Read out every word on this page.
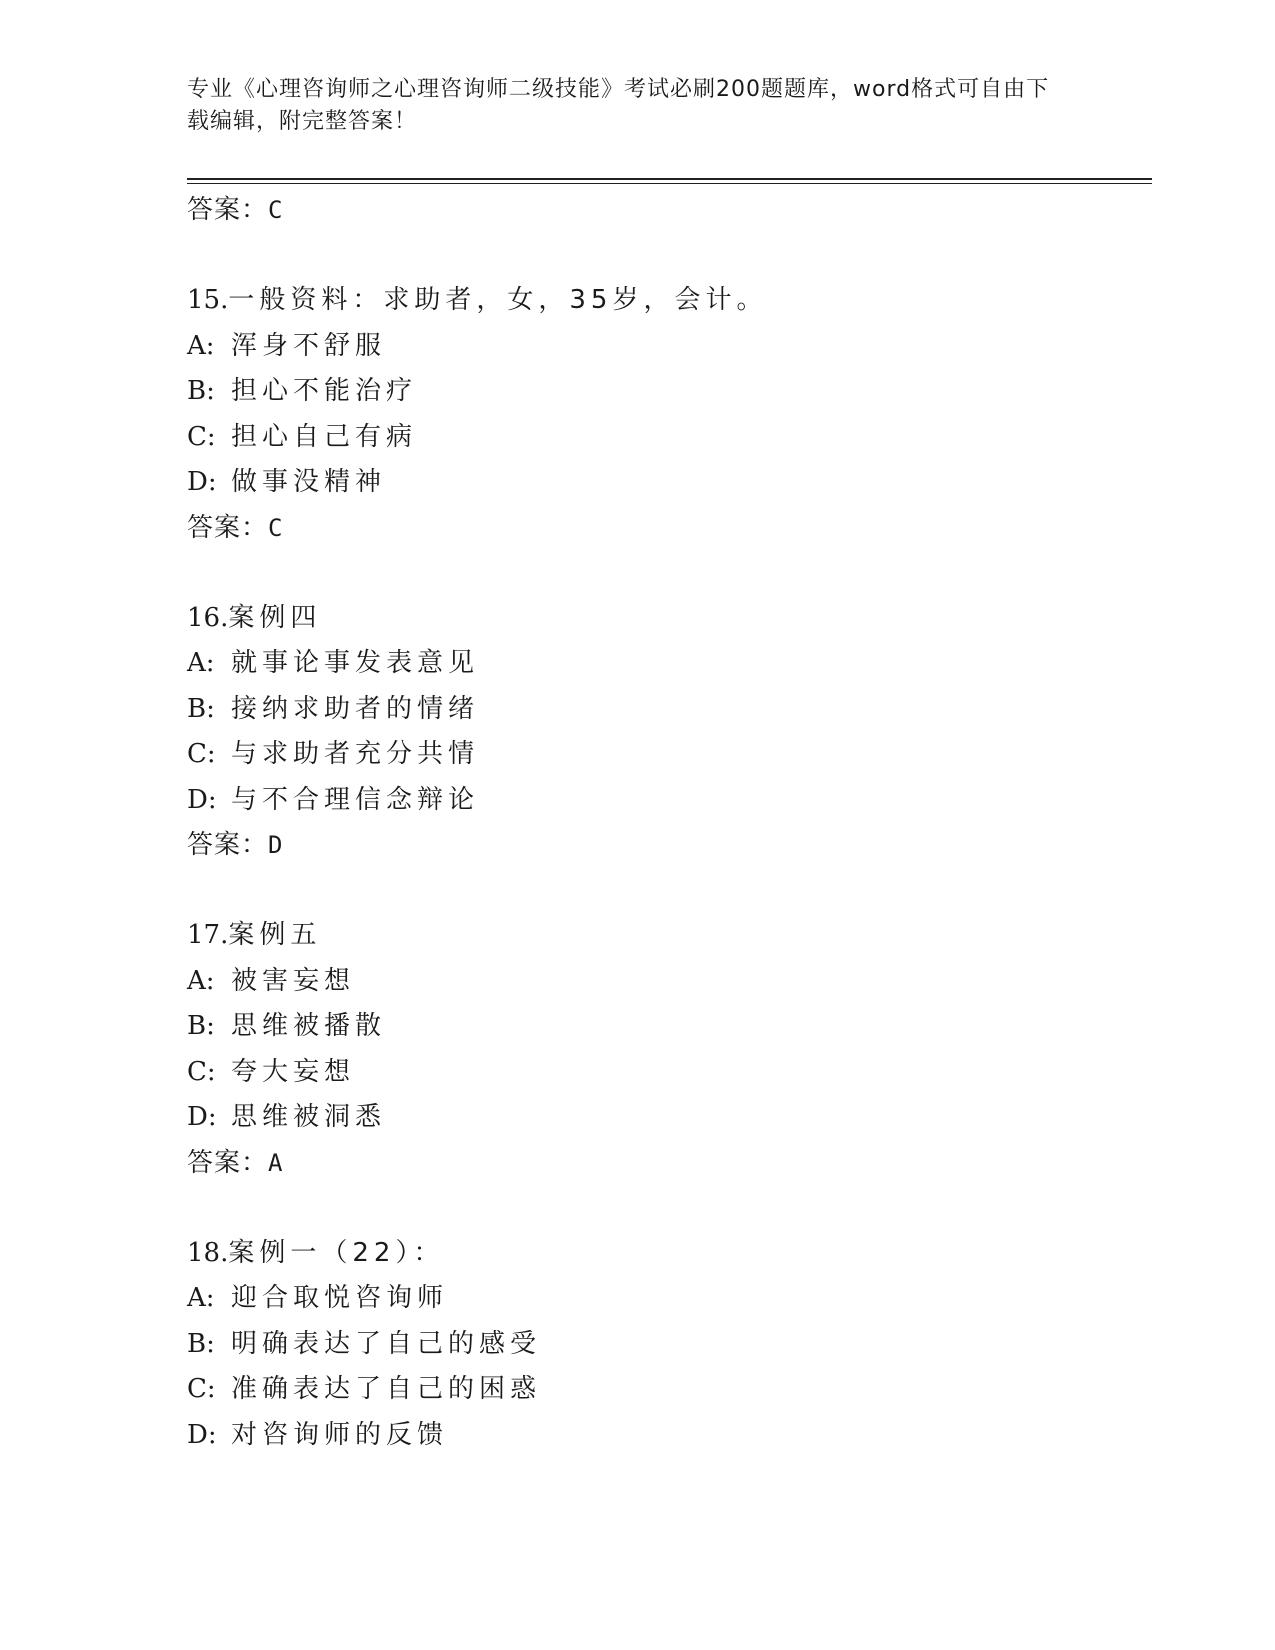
专业《心理咨询师之心理咨询师二级技能》考试必刷200题题库，word格式可自由下载编辑，附完整答案！
答案：C
15.一般资料：求助者，女，35岁，会计。
A: 浑身不舒服
B: 担心不能治疗
C: 担心自己有病
D: 做事没精神
答案：C
16.案例四
A: 就事论事发表意见
B: 接纳求助者的情绪
C: 与求助者充分共情
D: 与不合理信念辩论
答案：D
17.案例五
A: 被害妄想
B: 思维被播散
C: 夸大妄想
D: 思维被洞悉
答案：A
18.案例一（22）：
A: 迎合取悦咨询师
B: 明确表达了自己的感受
C: 准确表达了自己的困惑
D: 对咨询师的反馈
